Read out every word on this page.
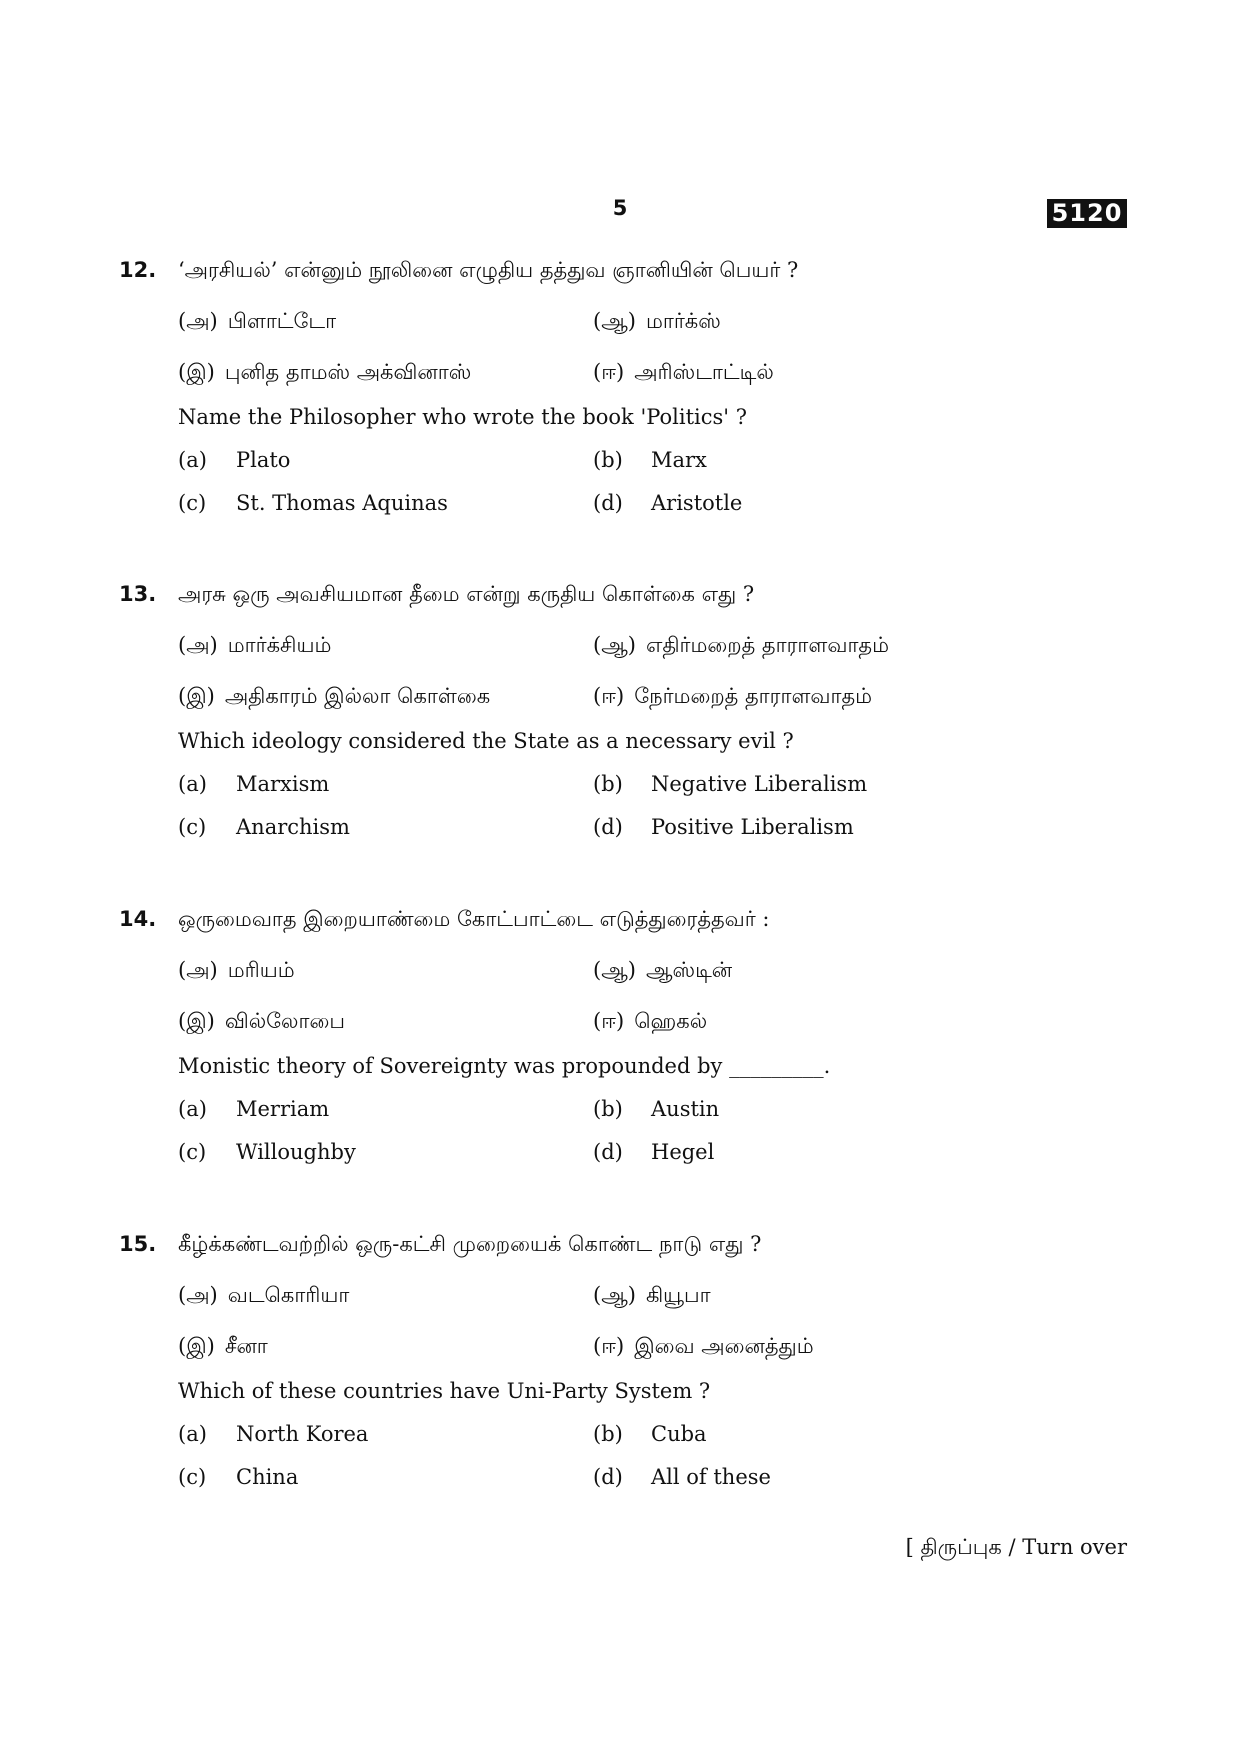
5	5120
12. ‘அரசியல்’ என்னும் நூலினை எழுதிய தத்துவ ஞானியின் பெயர் ?
(அ) பிளாட்டோ	(ஆ) மார்க்ஸ்
(இ) புனித தாமஸ் அக்வினாஸ்	(ஈ) அரிஸ்டாட்டில்
Name the Philosopher who wrote the book 'Politics' ?
(a) Plato	(b) Marx
(c) St. Thomas Aquinas	(d) Aristotle
13. அரசு ஒரு அவசியமான தீமை என்று கருதிய கொள்கை எது ?
(அ) மார்க்சியம்	(ஆ) எதிர்மறைத் தாராளவாதம்
(இ) அதிகாரம் இல்லா கொள்கை	(ஈ) நேர்மறைத் தாராளவாதம்
Which ideology considered the State as a necessary evil ?
(a) Marxism	(b) Negative Liberalism
(c) Anarchism	(d) Positive Liberalism
14. ஒருமைவாத இறையாண்மை கோட்பாட்டை எடுத்துரைத்தவர் :
(அ) மரியம்	(ஆ) ஆஸ்டின்
(இ) வில்லோபை	(ஈ) ஹெகல்
Monistic theory of Sovereignty was propounded by _________.
(a) Merriam	(b) Austin
(c) Willoughby	(d) Hegel
15. கீழ்க்கண்டவற்றில் ஒரு-கட்சி முறையைக் கொண்ட நாடு எது ?
(அ) வடகொரியா	(ஆ) கியூபா
(இ) சீனா	(ஈ) இவை அனைத்தும்
Which of these countries have Uni-Party System ?
(a) North Korea	(b) Cuba
(c) China	(d) All of these
[ திருப்புக / Turn over
